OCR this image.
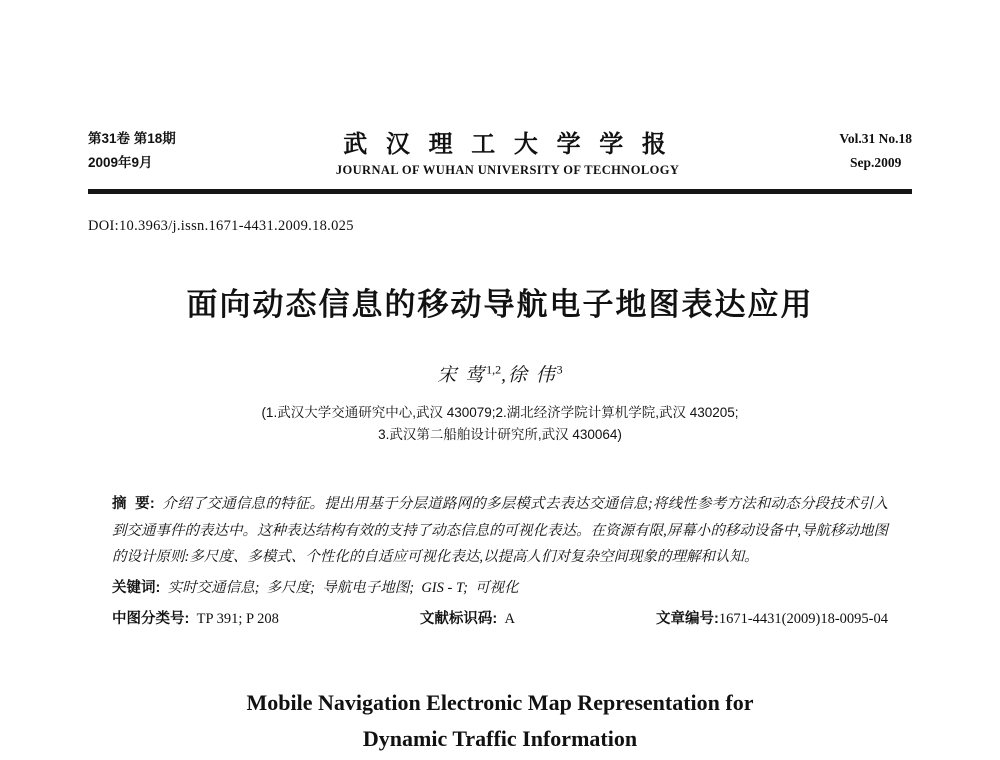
第31卷 第18期
2009年9月
武 汉 理 工 大 学 学 报
JOURNAL OF WUHAN UNIVERSITY OF TECHNOLOGY
Vol.31 No.18
Sep.2009
DOI:10.3963/j.issn.1671-4431.2009.18.025
面向动态信息的移动导航电子地图表达应用
宋 莺$^{1,2}$,徐 伟$^3$
(1.武汉大学交通研究中心,武汉 430079;2.湖北经济学院计算机学院,武汉 430205;
3.武汉第二船舶设计研究所,武汉 430064)

摘  要:  介绍了交通信息的特征。提出用基于分层道路网的多层模式去表达交通信息;将线性参考方法和动态分段技术引入到交通事件的表达中。这种表达结构有效的支持了动态信息的可视化表达。在资源有限,屏幕小的移动设备中,导航移动地图的设计原则:多尺度、多模式、个性化的自适应可视化表达,以提高人们对复杂空间现象的理解和认知。

关键词:  实时交通信息;  多尺度;  导航电子地图;  GIS - T;  可视化
中图分类号:  TP 391; P 208	文献标识码:  A	文章编号:1671-4431(2009)18-0095-04
Mobile Navigation Electronic Map Representation for
Dynamic Traffic Information
